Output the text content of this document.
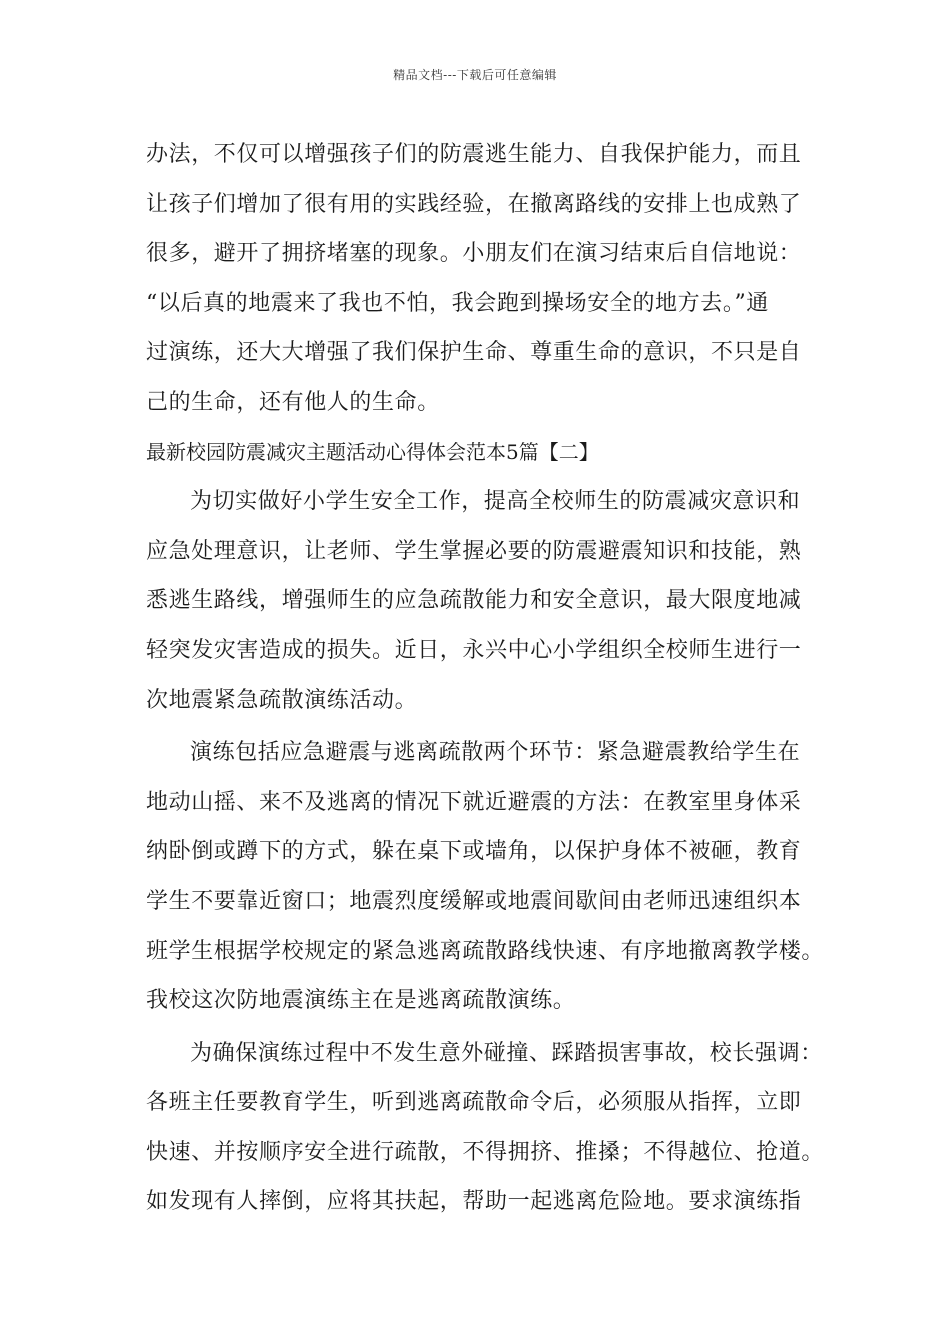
精品文档---下载后可任意编辑
办法，不仅可以增强孩子们的防震逃生能力、自我保护能力，而且
让孩子们增加了很有用的实践经验，在撤离路线的安排上也成熟了
很多，避开了拥挤堵塞的现象。小朋友们在演习结束后自信地说：
“以后真的地震来了我也不怕，我会跑到操场安全的地方去。”通
过演练，还大大增强了我们保护生命、尊重生命的意识，不只是自
己的生命，还有他人的生命。
最新校园防震减灾主题活动心得体会范本5篇【二】
为切实做好小学生安全工作，提高全校师生的防震减灾意识和
应急处理意识，让老师、学生掌握必要的防震避震知识和技能，熟
悉逃生路线，增强师生的应急疏散能力和安全意识，最大限度地减
轻突发灾害造成的损失。近日，永兴中心小学组织全校师生进行一
次地震紧急疏散演练活动。
演练包括应急避震与逃离疏散两个环节：紧急避震教给学生在
地动山摇、来不及逃离的情况下就近避震的方法：在教室里身体采
纳卧倒或蹲下的方式，躲在桌下或墙角，以保护身体不被砸，教育
学生不要靠近窗口；地震烈度缓解或地震间歇间由老师迅速组织本
班学生根据学校规定的紧急逃离疏散路线快速、有序地撤离教学楼。
我校这次防地震演练主在是逃离疏散演练。
为确保演练过程中不发生意外碰撞、踩踏损害事故，校长强调：
各班主任要教育学生，听到逃离疏散命令后，必须服从指挥，立即
快速、并按顺序安全进行疏散，不得拥挤、推搡；不得越位、抢道。
如发现有人摔倒，应将其扶起，帮助一起逃离危险地。要求演练指
